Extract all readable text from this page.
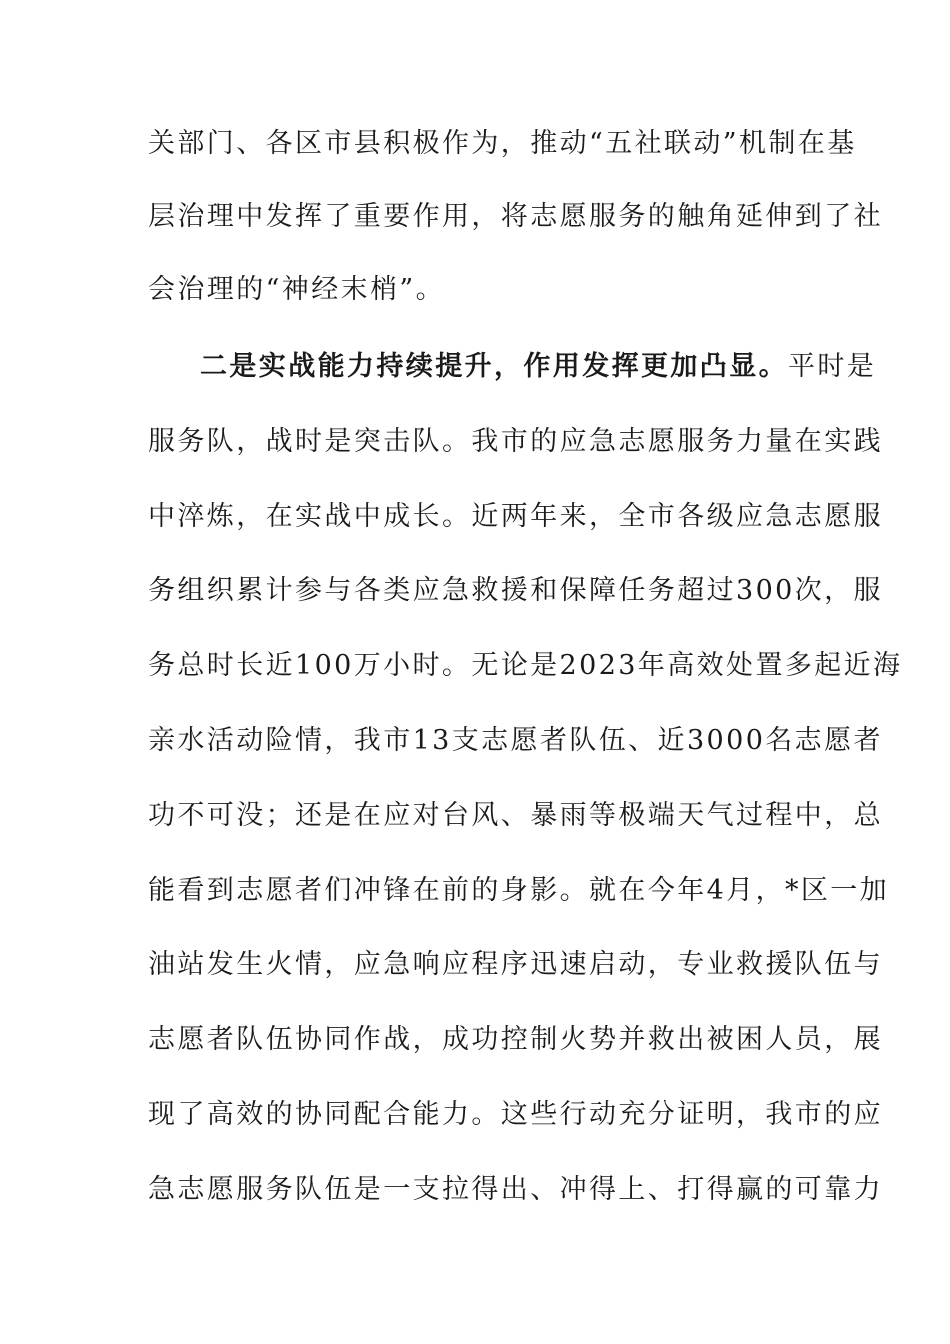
关部门、各区市县积极作为，推动“五社联动”机制在基
层治理中发挥了重要作用，将志愿服务的触角延伸到了社
会治理的“神经末梢”。
二是实战能力持续提升，作用发挥更加凸显。平时是
服务队，战时是突击队。我市的应急志愿服务力量在实践
中淬炼，在实战中成长。近两年来，全市各级应急志愿服
务组织累计参与各类应急救援和保障任务超过300次，服
务总时长近100万小时。无论是2023年高效处置多起近海
亲水活动险情，我市13支志愿者队伍、近3000名志愿者
功不可没；还是在应对台风、暴雨等极端天气过程中，总
能看到志愿者们冲锋在前的身影。就在今年4月，*区一加
油站发生火情，应急响应程序迅速启动，专业救援队伍与
志愿者队伍协同作战，成功控制火势并救出被困人员，展
现了高效的协同配合能力。这些行动充分证明，我市的应
急志愿服务队伍是一支拉得出、冲得上、打得赢的可靠力
